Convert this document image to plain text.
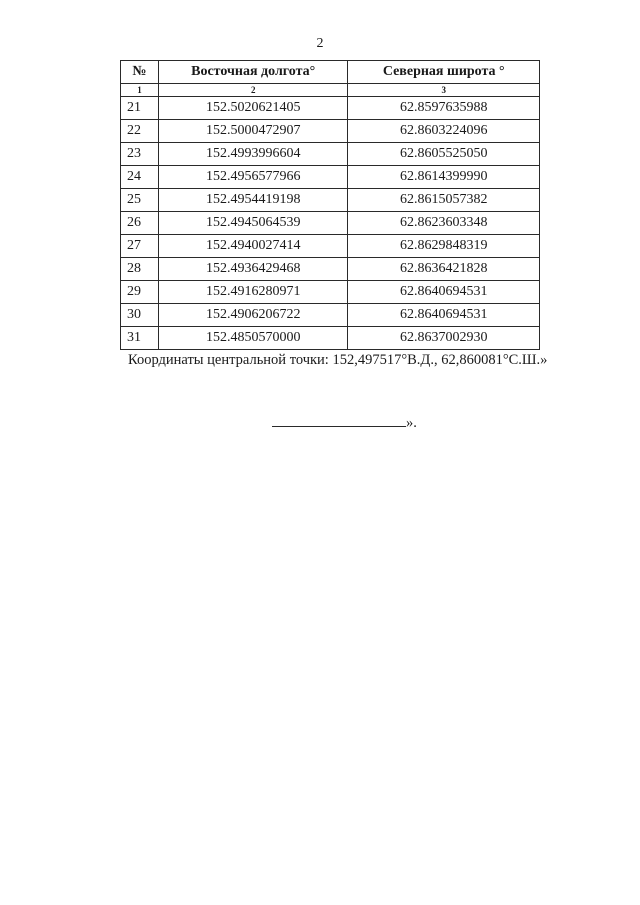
2
№	Восточная долгота°	Северная широта °
1	2	3
21	152.5020621405	62.8597635988
22	152.5000472907	62.8603224096
23	152.4993996604	62.8605525050
24	152.4956577966	62.8614399990
25	152.4954419198	62.8615057382
26	152.4945064539	62.8623603348
27	152.4940027414	62.8629848319
28	152.4936429468	62.8636421828
29	152.4916280971	62.8640694531
30	152.4906206722	62.8640694531
31	152.4850570000	62.8637002930
Координаты центральной точки: 152,497517°В.Д., 62,860081°С.Ш.»
».
